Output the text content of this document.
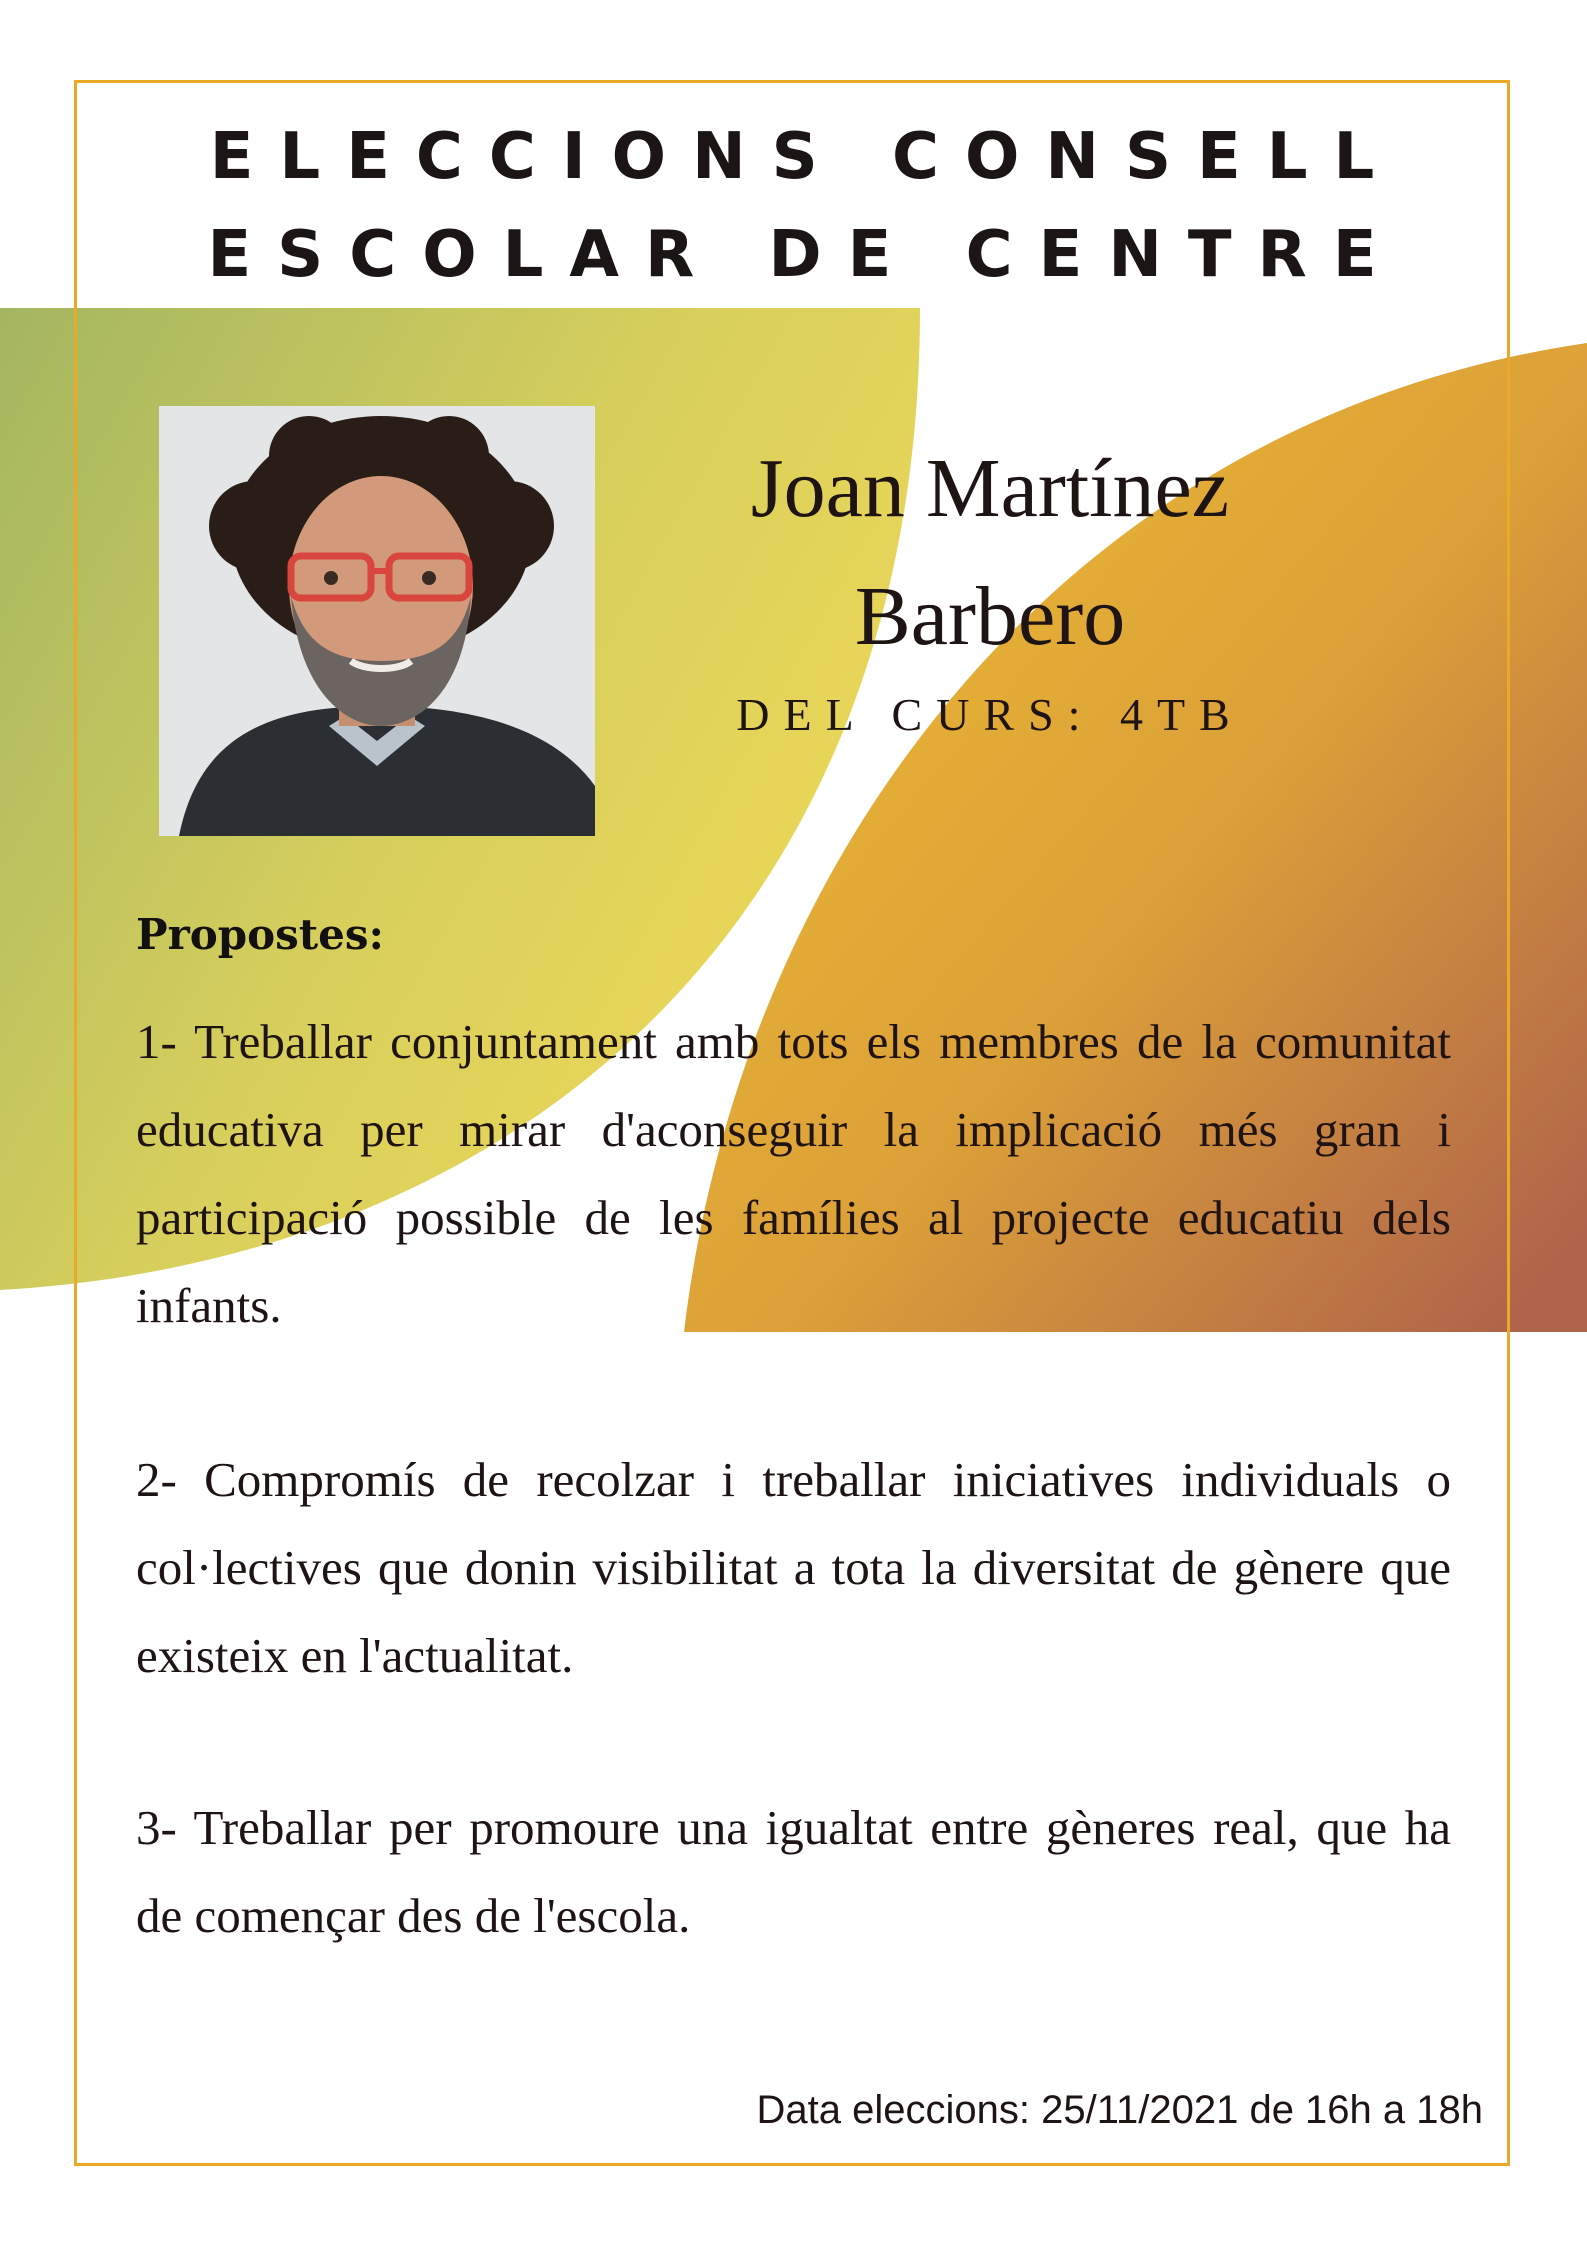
ELECCIONS CONSELL
ESCOLAR DE CENTRE
Joan Martínez
Barbero
DEL CURS: 4TB
Propostes:
1- Treballar conjuntament amb tots els membres de la comunitat educativa per mirar d'aconseguir la implicació més gran i participació possible de les famílies al projecte educatiu dels infants.
2- Compromís de recolzar i treballar iniciatives individuals o col·lectives que donin visibilitat a tota la diversitat de gènere que existeix en l'actualitat.
3- Treballar per promoure una igualtat entre gèneres real, que ha de començar des de l'escola.
Data eleccions: 25/11/2021 de 16h a 18h
